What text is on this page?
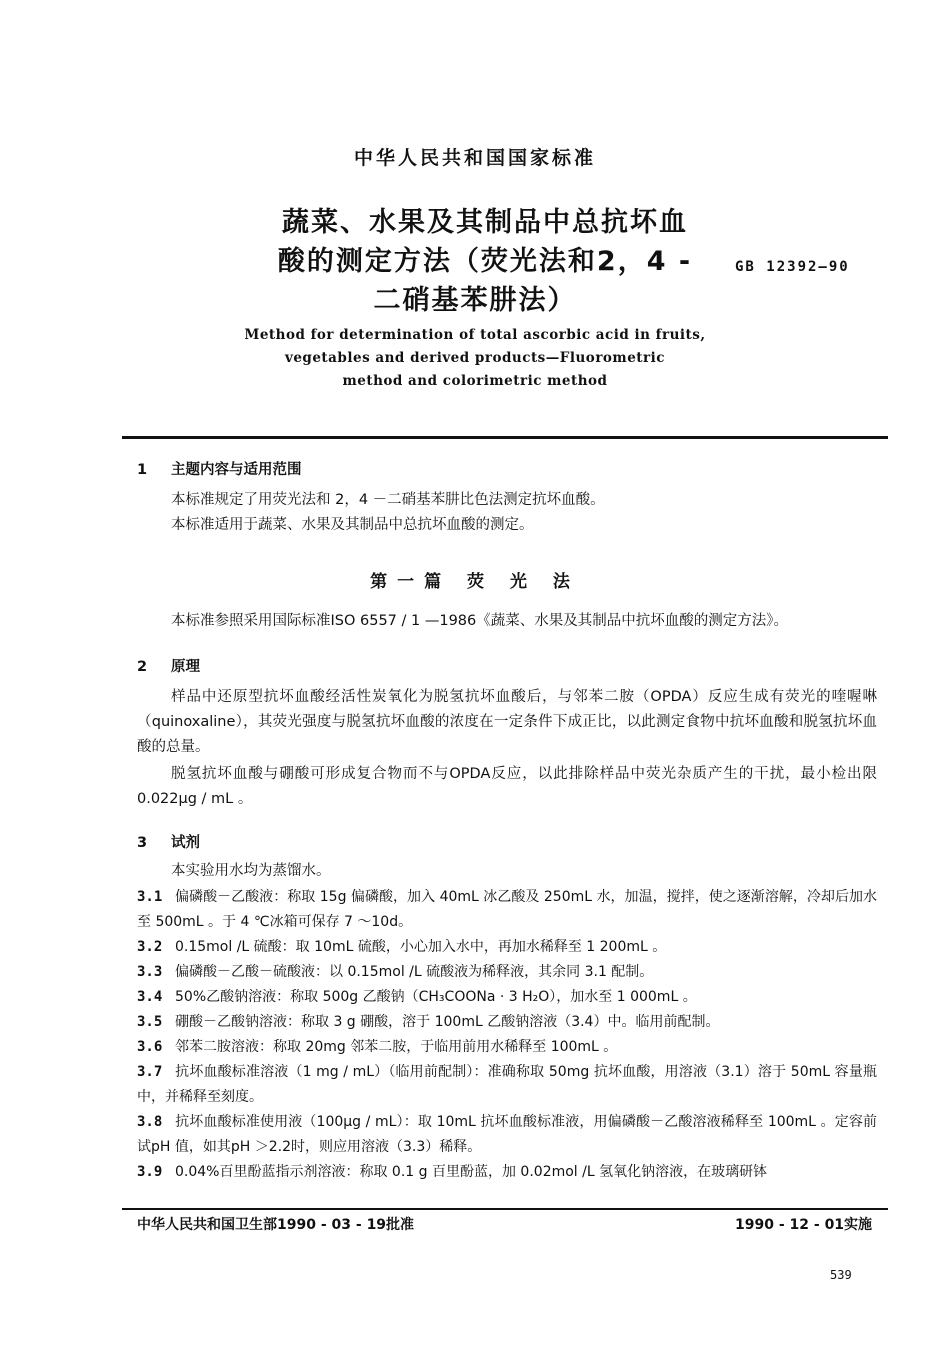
中华人民共和国国家标准
蔬菜、水果及其制品中总抗坏血
酸的测定方法（荧光法和2，4 -
二硝基苯肼法）
GB 12392—90
Method for determination of total ascorbic acid in fruits,
vegetables and derived products—Fluorometric
method and colorimetric method
1 主题内容与适用范围
本标准规定了用荧光法和 2，4 －二硝基苯肼比色法测定抗坏血酸。
本标准适用于蔬菜、水果及其制品中总抗坏血酸的测定。
第一篇 荧 光 法
本标准参照采用国际标准ISO 6557 / 1 —1986《蔬菜、水果及其制品中抗坏血酸的测定方法》。
2 原理
样品中还原型抗坏血酸经活性炭氧化为脱氢抗坏血酸后，与邻苯二胺（OPDA）反应生成有荧光的喹喔啉（quinoxaline），其荧光强度与脱氢抗坏血酸的浓度在一定条件下成正比，以此测定食物中抗坏血酸和脱氢抗坏血酸的总量。
脱氢抗坏血酸与硼酸可形成复合物而不与OPDA反应，以此排除样品中荧光杂质产生的干扰，最小检出限0.022μg / mL 。
3 试剂
本实验用水均为蒸馏水。
3.1 偏磷酸－乙酸液：称取 15g 偏磷酸，加入 40mL 冰乙酸及 250mL 水，加温，搅拌，使之逐渐溶解，冷却后加水至 500mL 。于 4 ℃冰箱可保存 7 ～10d。
3.2 0.15mol /L 硫酸：取 10mL 硫酸，小心加入水中，再加水稀释至 1 200mL 。
3.3 偏磷酸－乙酸－硫酸液：以 0.15mol /L 硫酸液为稀释液，其余同 3.1 配制。
3.4 50%乙酸钠溶液：称取 500g 乙酸钠（CH₃COONa · 3 H₂O），加水至 1 000mL 。
3.5 硼酸－乙酸钠溶液：称取 3 g 硼酸，溶于 100mL 乙酸钠溶液（3.4）中。临用前配制。
3.6 邻苯二胺溶液：称取 20mg 邻苯二胺，于临用前用水稀释至 100mL 。
3.7 抗坏血酸标准溶液（1 mg / mL）（临用前配制）：准确称取 50mg 抗坏血酸，用溶液（3.1）溶于 50mL 容量瓶中，并稀释至刻度。
3.8 抗坏血酸标准使用液（100μg / mL）：取 10mL 抗坏血酸标准液，用偏磷酸－乙酸溶液稀释至 100mL 。定容前试pH 值，如其pH ＞2.2时，则应用溶液（3.3）稀释。
3.9 0.04%百里酚蓝指示剂溶液：称取 0.1 g 百里酚蓝，加 0.02mol /L 氢氧化钠溶液，在玻璃研钵
中华人民共和国卫生部1990 - 03 - 19批准	1990 - 12 - 01实施
539
